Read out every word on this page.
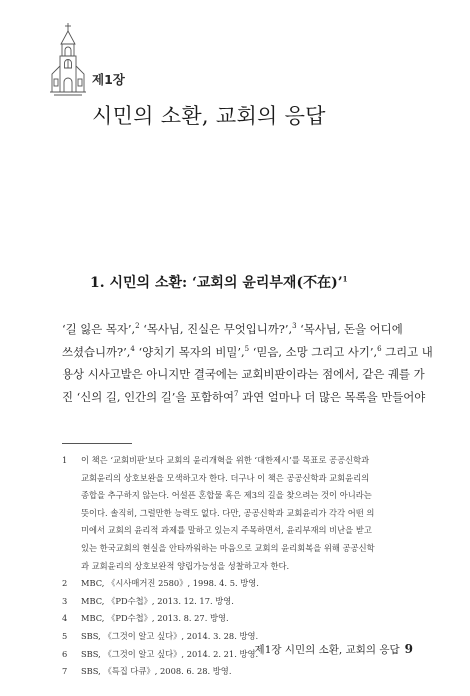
제1장
시민의 소환, 교회의 응답
1. 시민의 소환: ‘교회의 윤리부재(不在)’$^1$
‘길 잃은 목자’,$^2$ ‘목사님, 진실은 무엇입니까?’,$^3$ ‘목사님, 돈을 어디에
쓰셨습니까?’,$^4$ ‘양치기 목자의 비밀’,$^5$ ‘믿음, 소망 그리고 사기’,$^6$ 그리고 내
용상 시사고발은 아니지만 결국에는 교회비판이라는 점에서, 같은 궤를 가
진 ‘신의 길, 인간의 길’을 포함하여$^7$ 과연 얼마나 더 많은 목록을 만들어야
1 이 책은 ‘교회비판’보다 교회의 윤리개혁을 위한 ‘대한제시’를 목표로 공공신학과
교회윤리의 상호보완을 모색하고자 한다. 더구나 이 책은 공공신학과 교회윤리의
종합을 추구하지 않는다. 어설픈 혼합물 혹은 제3의 길을 찾으려는 것이 아니라는
뜻이다. 솔직히, 그럴만한 능력도 없다. 다만, 공공신학과 교회윤리가 각각 어떤 의
미에서 교회의 윤리적 과제를 말하고 있는지 주목하면서, 윤리부재의 비난을 받고
있는 한국교회의 현실을 안타까워하는 마음으로 교회의 윤리회복을 위해 공공신학
과 교회윤리의 상호보완적 양립가능성을 성찰하고자 한다.
2 MBC, 《시사매거진 2580》, 1998. 4. 5. 방영.
3 MBC, 《PD수첩》, 2013. 12. 17. 방영.
4 MBC, 《PD수첩》, 2013. 8. 27. 방영.
5 SBS, 《그것이 알고 싶다》, 2014. 3. 28. 방영.
6 SBS, 《그것이 알고 싶다》, 2014. 2. 21. 방영.
7 SBS, 《특집 다큐》, 2008. 6. 28. 방영.
제1장 시민의 소환, 교회의 응답 9
